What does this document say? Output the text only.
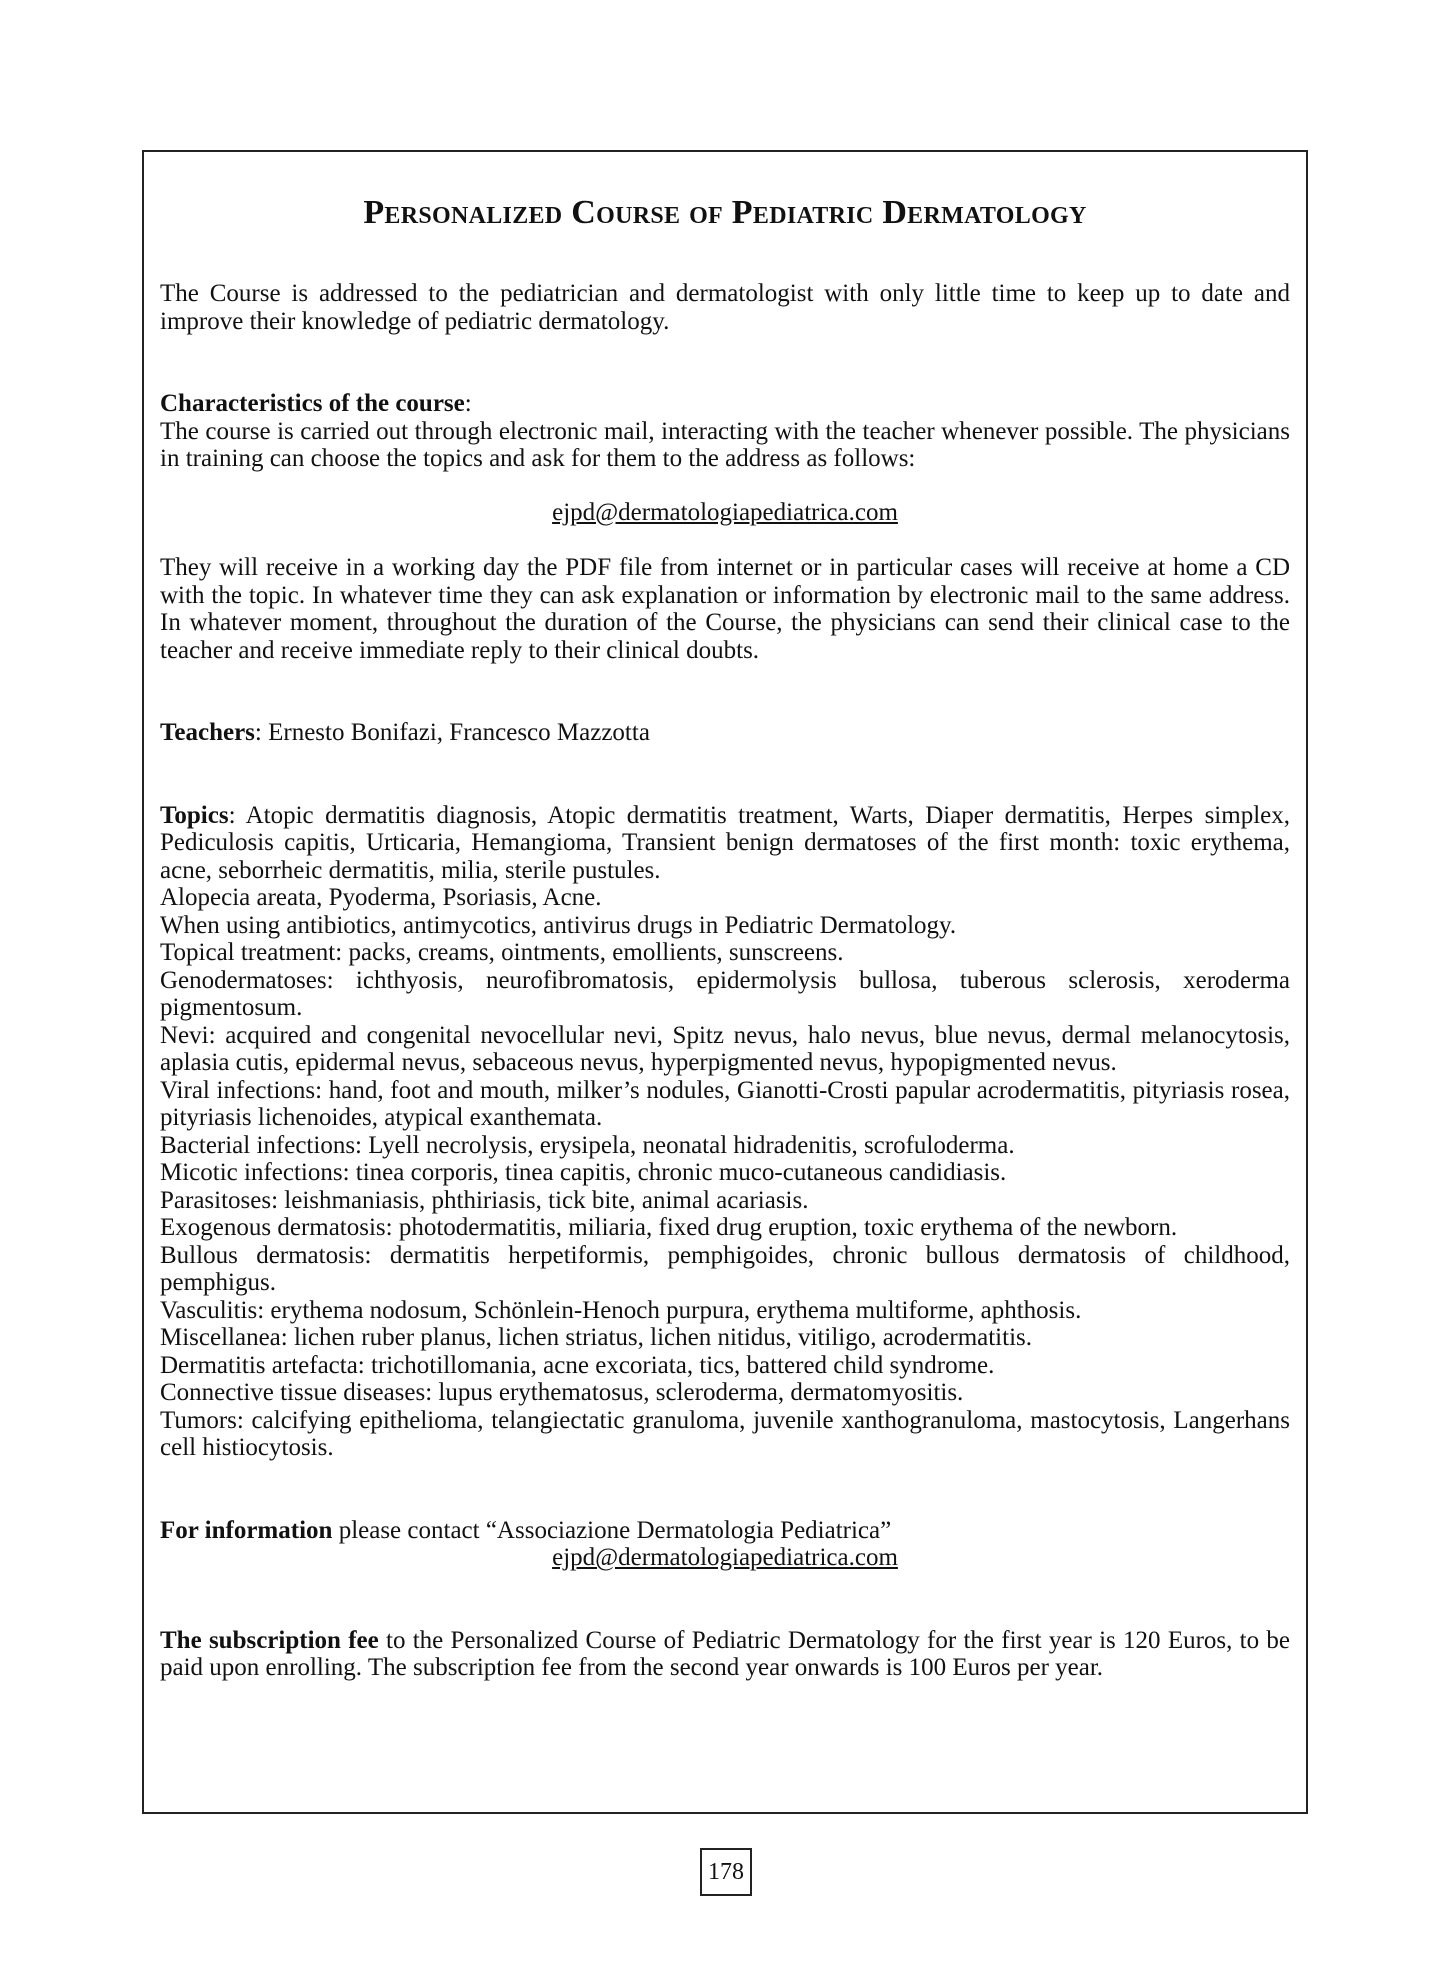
Personalized Course of Pediatric Dermatology

The Course is addressed to the pediatrician and dermatologist with only little time to keep up to date and improve their knowledge of pediatric dermatology.

Characteristics of the course:
The course is carried out through electronic mail, interacting with the teacher whenever possible. The physicians in training can choose the topics and ask for them to the address as follows:

ejpd@dermatologiapediatrica.com

They will receive in a working day the PDF file from internet or in particular cases will receive at home a CD with the topic. In whatever time they can ask explanation or information by electronic mail to the same address. In whatever moment, throughout the duration of the Course, the physicians can send their clinical case to the teacher and receive immediate reply to their clinical doubts.

Teachers: Ernesto Bonifazi, Francesco Mazzotta

Topics: Atopic dermatitis diagnosis, Atopic dermatitis treatment, Warts, Diaper dermatitis, Herpes simplex, Pediculosis capitis, Urticaria, Hemangioma, Transient benign dermatoses of the first month: toxic erythema, acne, seborrheic dermatitis, milia, sterile pustules.

Alopecia areata, Pyoderma, Psoriasis, Acne.

When using antibiotics, antimycotics, antivirus drugs in Pediatric Dermatology.

Topical treatment: packs, creams, ointments, emollients, sunscreens.

Genodermatoses: ichthyosis, neurofibromatosis, epidermolysis bullosa, tuberous sclerosis, xeroderma pigmentosum.

Nevi: acquired and congenital nevocellular nevi, Spitz nevus, halo nevus, blue nevus, dermal melanocytosis, aplasia cutis, epidermal nevus, sebaceous nevus, hyperpigmented nevus, hypopigmented nevus.

Viral infections: hand, foot and mouth, milker’s nodules, Gianotti-Crosti papular acrodermatitis, pityriasis rosea, pityriasis lichenoides, atypical exanthemata.

Bacterial infections: Lyell necrolysis, erysipela, neonatal hidradenitis, scrofuloderma.

Micotic infections: tinea corporis, tinea capitis, chronic muco-cutaneous candidiasis.

Parasitoses: leishmaniasis, phthiriasis, tick bite, animal acariasis.

Exogenous dermatosis: photodermatitis, miliaria, fixed drug eruption, toxic erythema of the newborn.

Bullous dermatosis: dermatitis herpetiformis, pemphigoides, chronic bullous dermatosis of childhood, pemphigus.

Vasculitis: erythema nodosum, Schönlein-Henoch purpura, erythema multiforme, aphthosis.

Miscellanea: lichen ruber planus, lichen striatus, lichen nitidus, vitiligo, acrodermatitis.

Dermatitis artefacta: trichotillomania, acne excoriata, tics, battered child syndrome.

Connective tissue diseases: lupus erythematosus, scleroderma, dermatomyositis.

Tumors: calcifying epithelioma, telangiectatic granuloma, juvenile xanthogranuloma, mastocytosis, Langerhans cell histiocytosis.

For information please contact “Associazione Dermatologia Pediatrica”

ejpd@dermatologiapediatrica.com

The subscription fee to the Personalized Course of Pediatric Dermatology for the first year is 120 Euros, to be paid upon enrolling. The subscription fee from the second year onwards is 100 Euros per year.

178
